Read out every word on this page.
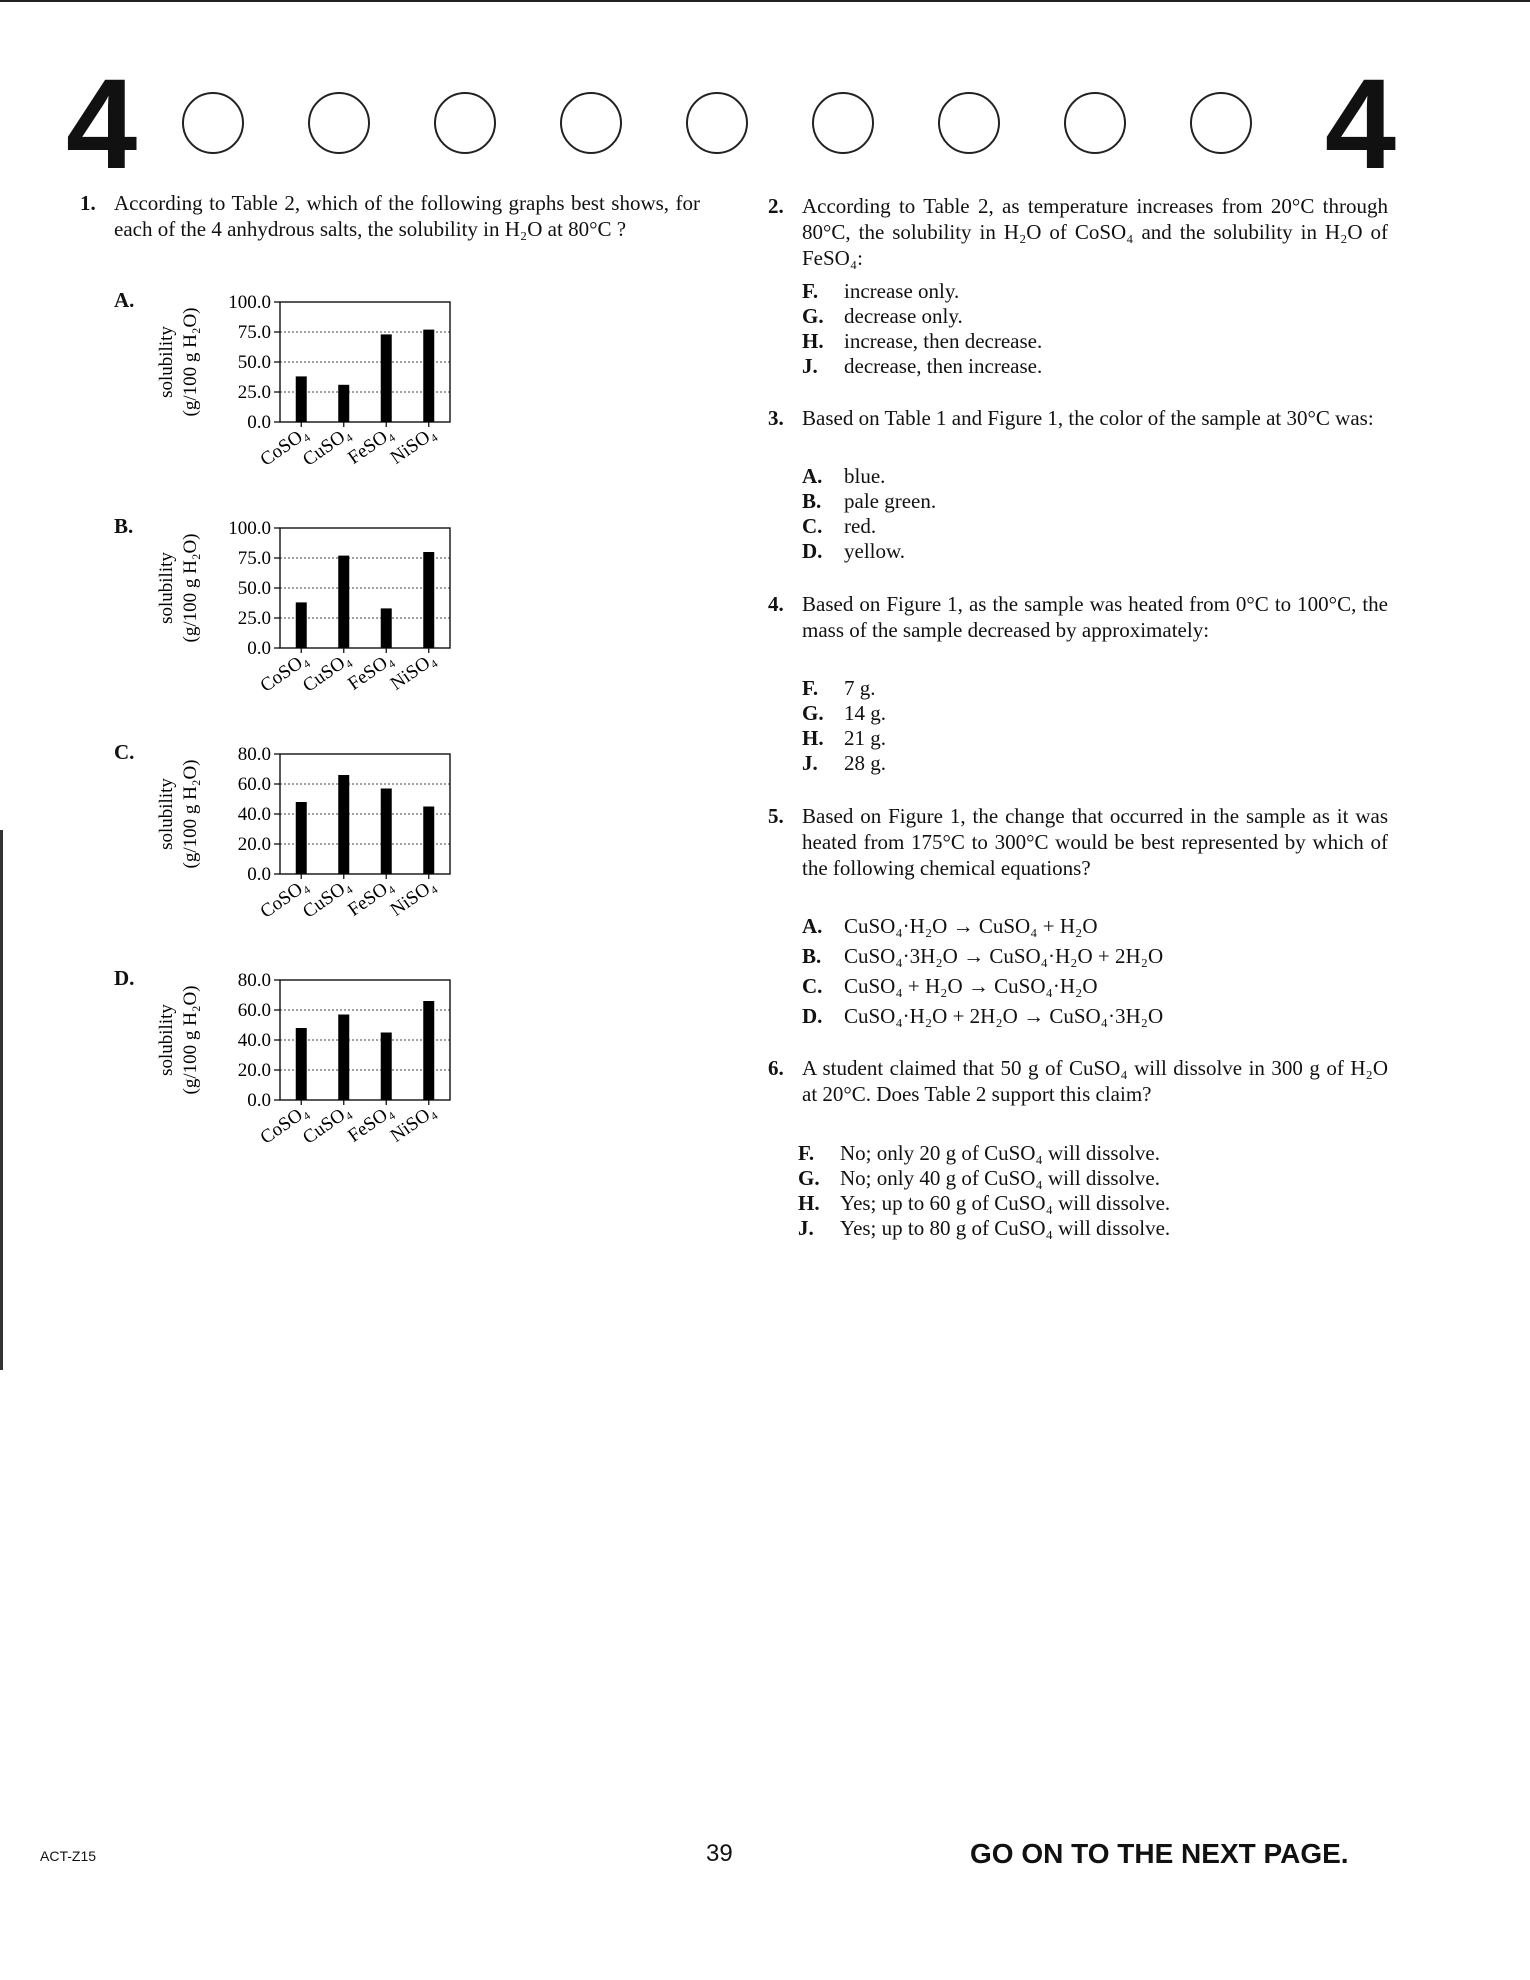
4	4
1. According to Table 2, which of the following graphs best shows, for each of the 4 anhydrous salts, the solubility in H₂O at 80°C ?
A.
solubility (g/100 g H₂O)
0.0
25.0
50.0
75.0
100.0
CoSO₄
CuSO₄
FeSO₄
NiSO₄
B.
solubility (g/100 g H₂O)
0.0
25.0
50.0
75.0
100.0
CoSO₄
CuSO₄
FeSO₄
NiSO₄
C.
solubility (g/100 g H₂O)
0.0
20.0
40.0
60.0
80.0
CoSO₄
CuSO₄
FeSO₄
NiSO₄
D.
solubility (g/100 g H₂O)
0.0
20.0
40.0
60.0
80.0
CoSO₄
CuSO₄
FeSO₄
NiSO₄
2. According to Table 2, as temperature increases from 20°C through 80°C, the solubility in H₂O of CoSO₄ and the solubility in H₂O of FeSO₄:
F. increase only.
G. decrease only.
H. increase, then decrease.
J. decrease, then increase.
3. Based on Table 1 and Figure 1, the color of the sample at 30°C was:
A. blue.
B. pale green.
C. red.
D. yellow.
4. Based on Figure 1, as the sample was heated from 0°C to 100°C, the mass of the sample decreased by approximately:
F. 7 g.
G. 14 g.
H. 21 g.
J. 28 g.
5. Based on Figure 1, the change that occurred in the sample as it was heated from 175°C to 300°C would be best represented by which of the following chemical equations?
A. CuSO₄·H₂O → CuSO₄ + H₂O
B. CuSO₄·3H₂O → CuSO₄·H₂O + 2H₂O
C. CuSO₄ + H₂O → CuSO₄·H₂O
D. CuSO₄·H₂O + 2H₂O → CuSO₄·3H₂O
6. A student claimed that 50 g of CuSO₄ will dissolve in 300 g of H₂O at 20°C. Does Table 2 support this claim?
F. No; only 20 g of CuSO₄ will dissolve.
G. No; only 40 g of CuSO₄ will dissolve.
H. Yes; up to 60 g of CuSO₄ will dissolve.
J. Yes; up to 80 g of CuSO₄ will dissolve.
ACT-Z15	39	GO ON TO THE NEXT PAGE.
